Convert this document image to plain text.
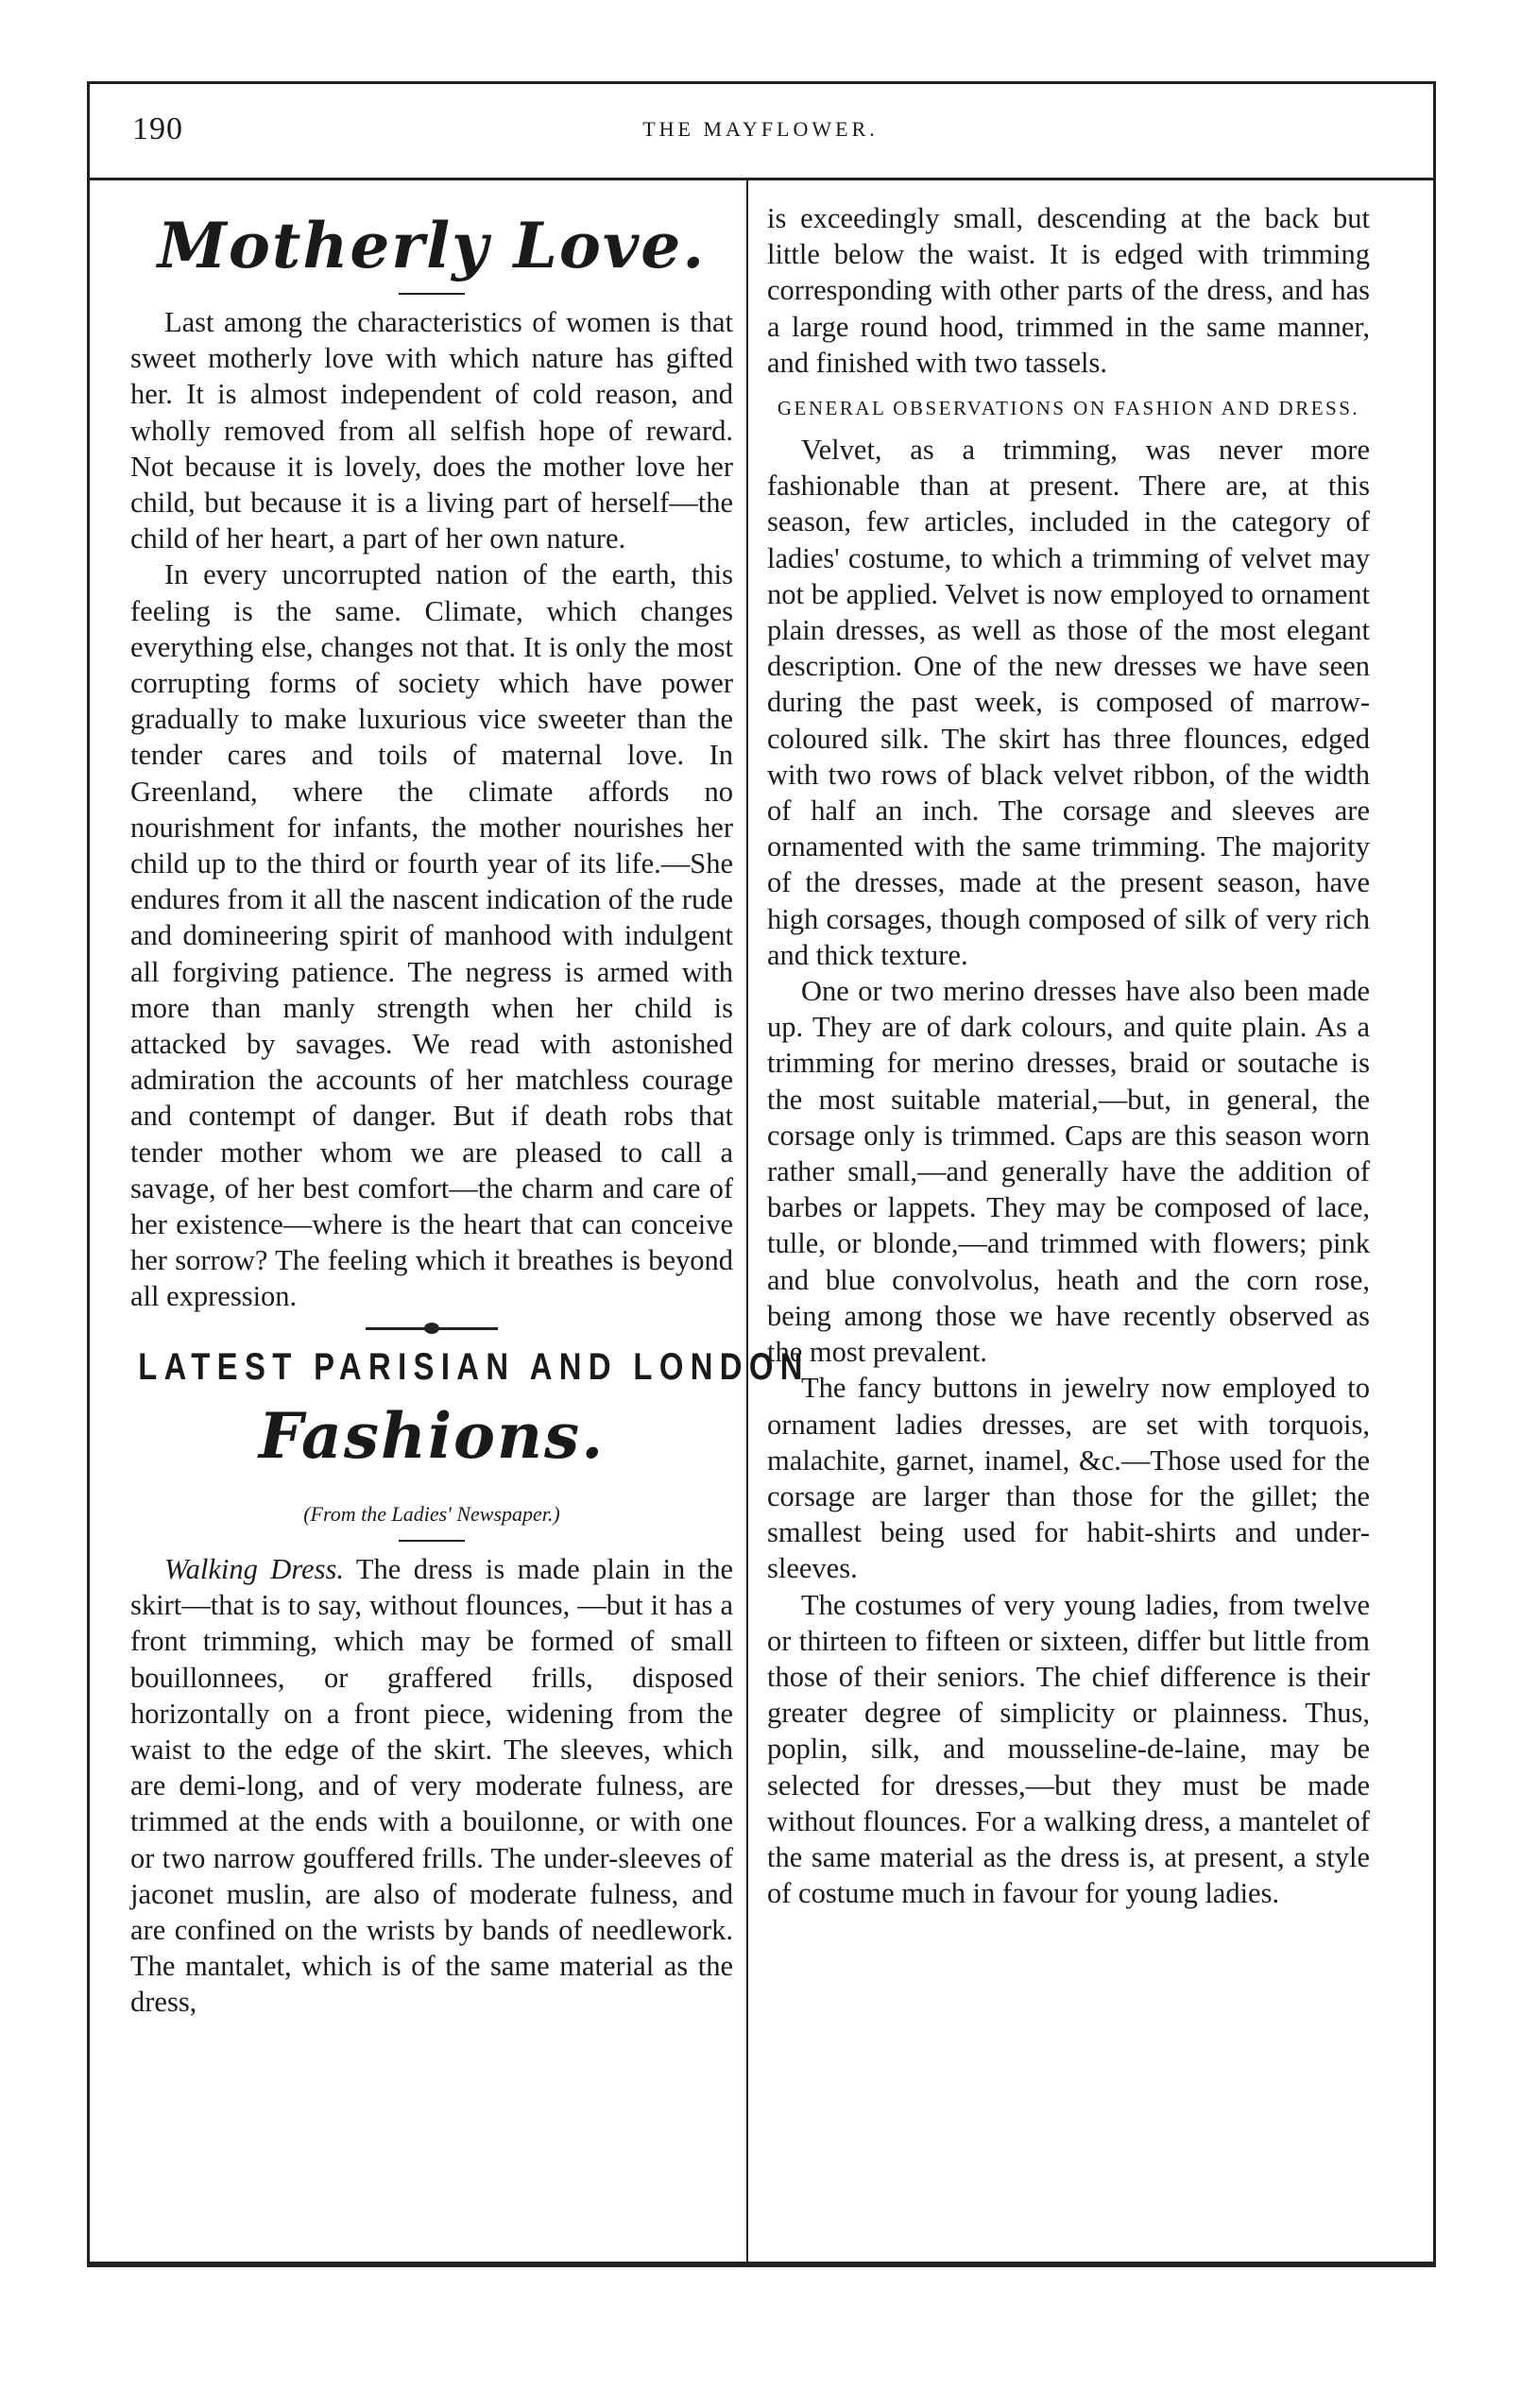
190	THE MAYFLOWER.
Motherly Love.

Last among the characteristics of women is that sweet motherly love with which nature has gifted her. It is almost independent of cold reason, and wholly removed from all selfish hope of reward. Not because it is lovely, does the mother love her child, but because it is a living part of herself—the child of her heart, a part of her own nature.

In every uncorrupted nation of the earth, this feeling is the same. Climate, which changes everything else, changes not that. It is only the most corrupting forms of society which have power gradually to make luxurious vice sweeter than the tender cares and toils of maternal love. In Greenland, where the climate affords no nourishment for infants, the mother nourishes her child up to the third or fourth year of its life.—She endures from it all the nascent indication of the rude and domineering spirit of manhood with indulgent all forgiving patience. The negress is armed with more than manly strength when her child is attacked by savages. We read with astonished admiration the accounts of her matchless courage and contempt of danger. But if death robs that tender mother whom we are pleased to call a savage, of her best comfort—the charm and care of her existence—where is the heart that can conceive her sorrow? The feeling which it breathes is beyond all expression.

LATEST PARISIAN AND LONDON
Fashions.
(From the Ladies' Newspaper.)

Walking Dress. The dress is made plain in the skirt—that is to say, without flounces, —but it has a front trimming, which may be formed of small bouillonnees, or graffered frills, disposed horizontally on a front piece, widening from the waist to the edge of the skirt. The sleeves, which are demi-long, and of very moderate fulness, are trimmed at the ends with a bouilonne, or with one or two narrow gouffered frills. The under-sleeves of jaconet muslin, are also of moderate fulness, and are confined on the wrists by bands of needlework. The mantalet, which is of the same material as the dress,

is exceedingly small, descending at the back but little below the waist. It is edged with trimming corresponding with other parts of the dress, and has a large round hood, trimmed in the same manner, and finished with two tassels.

GENERAL OBSERVATIONS ON FASHION AND DRESS.

Velvet, as a trimming, was never more fashionable than at present. There are, at this season, few articles, included in the category of ladies' costume, to which a trimming of velvet may not be applied. Velvet is now employed to ornament plain dresses, as well as those of the most elegant description. One of the new dresses we have seen during the past week, is composed of marrow-coloured silk. The skirt has three flounces, edged with two rows of black velvet ribbon, of the width of half an inch. The corsage and sleeves are ornamented with the same trimming. The majority of the dresses, made at the present season, have high corsages, though composed of silk of very rich and thick texture.

One or two merino dresses have also been made up. They are of dark colours, and quite plain. As a trimming for merino dresses, braid or soutache is the most suitable material,—but, in general, the corsage only is trimmed. Caps are this season worn rather small,—and generally have the addition of barbes or lappets. They may be composed of lace, tulle, or blonde,—and trimmed with flowers; pink and blue convolvolus, heath and the corn rose, being among those we have recently observed as the most prevalent.

The fancy buttons in jewelry now employed to ornament ladies dresses, are set with torquois, malachite, garnet, inamel, &c.—Those used for the corsage are larger than those for the gillet; the smallest being used for habit-shirts and under-sleeves.

The costumes of very young ladies, from twelve or thirteen to fifteen or sixteen, differ but little from those of their seniors. The chief difference is their greater degree of simplicity or plainness. Thus, poplin, silk, and mousseline-de-laine, may be selected for dresses,—but they must be made without flounces. For a walking dress, a mantelet of the same material as the dress is, at present, a style of costume much in favour for young ladies.
